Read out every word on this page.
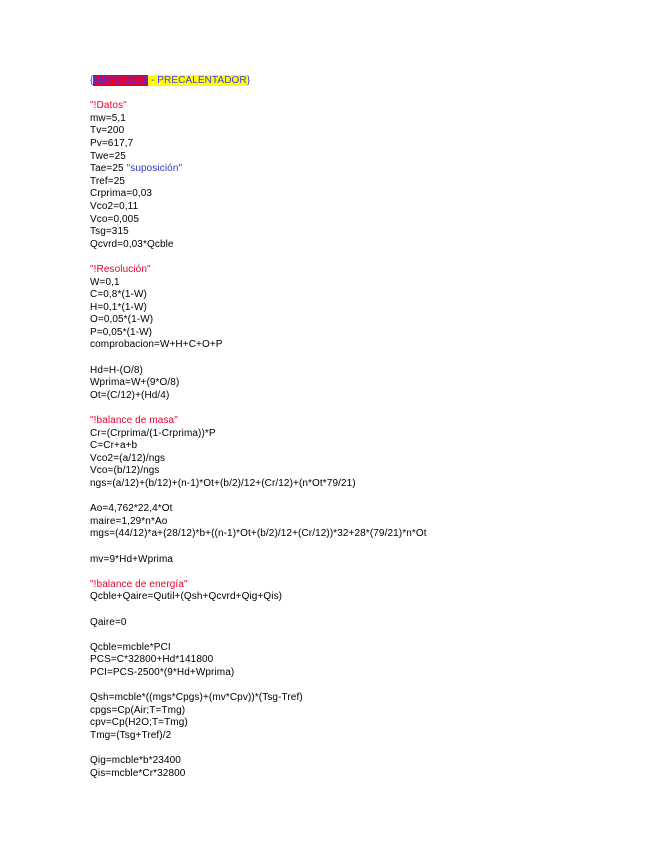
{MAYO 2019 - PRECALENTADOR}
"!Datos"
mw=5,1
Tv=200
Pv=617,7
Twe=25
Tae=25 "suposición"
Tref=25
Crprima=0,03
Vco2=0,11
Vco=0,005
Tsg=315
Qcvrd=0,03*Qcble
"!Resolución"
W=0,1
C=0,8*(1-W)
H=0,1*(1-W)
O=0,05*(1-W)
P=0,05*(1-W)
comprobacion=W+H+C+O+P
Hd=H-(O/8)
Wprima=W+(9*O/8)
Ot=(C/12)+(Hd/4)
"!balance de masa"
Cr=(Crprima/(1-Crprima))*P
C=Cr+a+b
Vco2=(a/12)/ngs
Vco=(b/12)/ngs
ngs=(a/12)+(b/12)+(n-1)*Ot+(b/2)/12+(Cr/12)+(n*Ot*79/21)
Ao=4,762*22,4*Ot
maire=1,29*n*Ao
mgs=(44/12)*a+(28/12)*b+((n-1)*Ot+(b/2)/12+(Cr/12))*32+28*(79/21)*n*Ot
mv=9*Hd+Wprima
"!balance de energía"
Qcble+Qaire=Qutil+(Qsh+Qcvrd+Qig+Qis)
Qaire=0
Qcble=mcble*PCI
PCS=C*32800+Hd*141800
PCI=PCS-2500*(9*Hd+Wprima)
Qsh=mcble*((mgs*Cpgs)+(mv*Cpv))*(Tsg-Tref)
cpgs=Cp(Air;T=Tmg)
cpv=Cp(H2O;T=Tmg)
Tmg=(Tsg+Tref)/2
Qig=mcble*b*23400
Qis=mcble*Cr*32800
